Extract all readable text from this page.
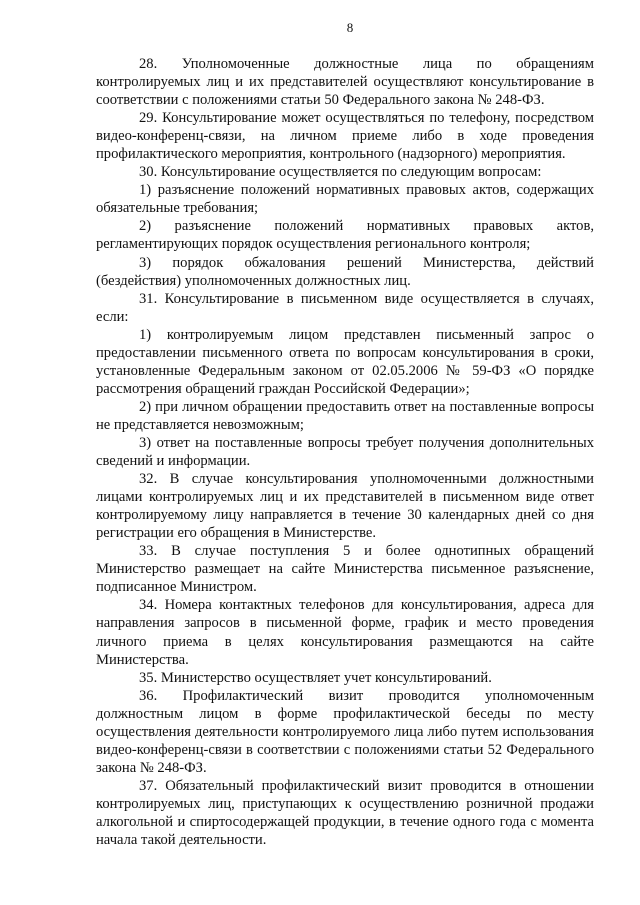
8

28. Уполномоченные должностные лица по обращениям контролируемых лиц и их представителей осуществляют консультирование в соответствии с положениями статьи 50 Федерального закона № 248-ФЗ.

29. Консультирование может осуществляться по телефону, посредством видео-конференц-связи, на личном приеме либо в ходе проведения профилактического мероприятия, контрольного (надзорного) мероприятия.

30. Консультирование осуществляется по следующим вопросам:

1) разъяснение положений нормативных правовых актов, содержащих обязательные требования;

2) разъяснение положений нормативных правовых актов, регламентирующих порядок осуществления регионального контроля;

3) порядок обжалования решений Министерства, действий (бездействия) уполномоченных должностных лиц.

31. Консультирование в письменном виде осуществляется в случаях, если:

1) контролируемым лицом представлен письменный запрос о предоставлении письменного ответа по вопросам консультирования в сроки, установленные Федеральным законом от 02.05.2006 № 59-ФЗ «О порядке рассмотрения обращений граждан Российской Федерации»;

2) при личном обращении предоставить ответ на поставленные вопросы не представляется невозможным;

3) ответ на поставленные вопросы требует получения дополнительных сведений и информации.

32. В случае консультирования уполномоченными должностными лицами контролируемых лиц и их представителей в письменном виде ответ контролируемому лицу направляется в течение 30 календарных дней со дня регистрации его обращения в Министерстве.

33. В случае поступления 5 и более однотипных обращений Министерство размещает на сайте Министерства письменное разъяснение, подписанное Министром.

34. Номера контактных телефонов для консультирования, адреса для направления запросов в письменной форме, график и место проведения личного приема в целях консультирования размещаются на сайте Министерства.

35. Министерство осуществляет учет консультирований.

36. Профилактический визит проводится уполномоченным должностным лицом в форме профилактической беседы по месту осуществления деятельности контролируемого лица либо путем использования видео-конференц-связи в соответствии с положениями статьи 52 Федерального закона № 248-ФЗ.

37. Обязательный профилактический визит проводится в отношении контролируемых лиц, приступающих к осуществлению розничной продажи алкогольной и спиртосодержащей продукции, в течение одного года с момента начала такой деятельности.
